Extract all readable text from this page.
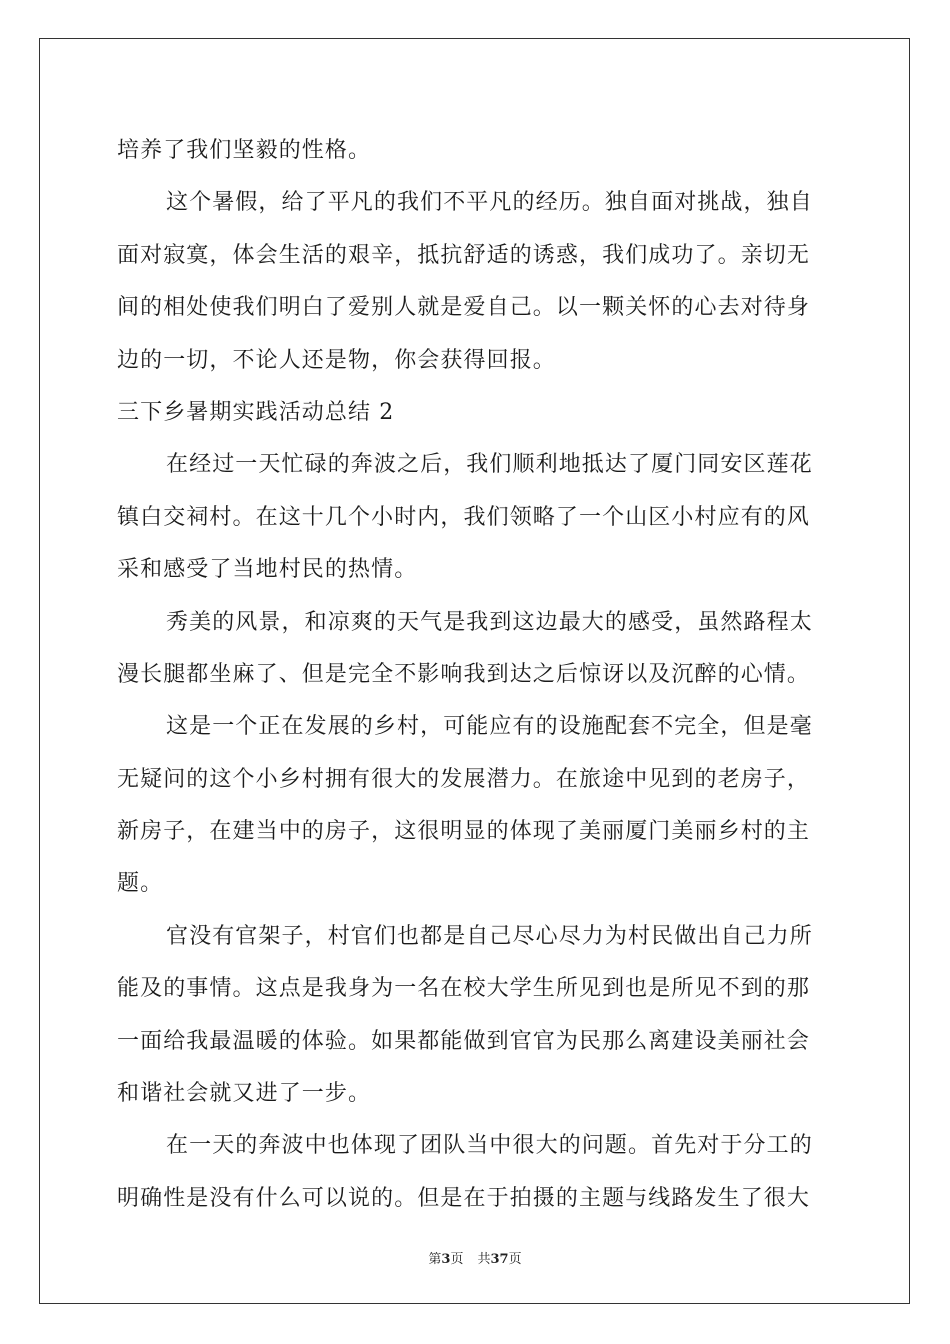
培养了我们坚毅的性格。
这个暑假，给了平凡的我们不平凡的经历。独自面对挑战，独自
面对寂寞，体会生活的艰辛，抵抗舒适的诱惑，我们成功了。亲切无
间的相处使我们明白了爱别人就是爱自己。以一颗关怀的心去对待身
边的一切，不论人还是物，你会获得回报。
三下乡暑期实践活动总结 2
在经过一天忙碌的奔波之后，我们顺利地抵达了厦门同安区莲花
镇白交祠村。在这十几个小时内，我们领略了一个山区小村应有的风
采和感受了当地村民的热情。
秀美的风景，和凉爽的天气是我到这边最大的感受，虽然路程太
漫长腿都坐麻了、但是完全不影响我到达之后惊讶以及沉醉的心情。
这是一个正在发展的乡村，可能应有的设施配套不完全，但是毫
无疑问的这个小乡村拥有很大的发展潜力。在旅途中见到的老房子，
新房子，在建当中的房子，这很明显的体现了美丽厦门美丽乡村的主
题。
官没有官架子，村官们也都是自己尽心尽力为村民做出自己力所
能及的事情。这点是我身为一名在校大学生所见到也是所见不到的那
一面给我最温暖的体验。如果都能做到官官为民那么离建设美丽社会
和谐社会就又进了一步。
在一天的奔波中也体现了团队当中很大的问题。首先对于分工的
明确性是没有什么可以说的。但是在于拍摄的主题与线路发生了很大
第3页 共37页
